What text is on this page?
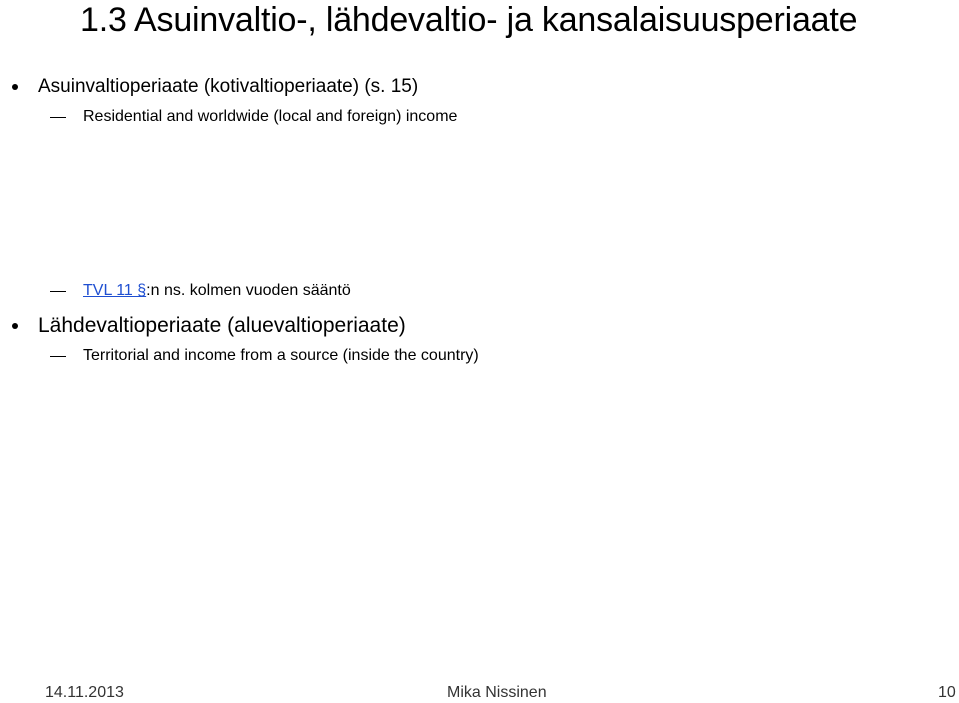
1.3 Asuinvaltio-, lähdevaltio- ja kansalaisuusperiaate
Asuinvaltioperiaate (kotivaltioperiaate) (s. 15)
Residential and worldwide (local and foreign) income
TVL 11 §:n ns. kolmen vuoden sääntö
Lähdevaltioperiaate (aluevaltioperiaate)
Territorial and income from a source (inside the country)
14.11.2013	Mika Nissinen	10
